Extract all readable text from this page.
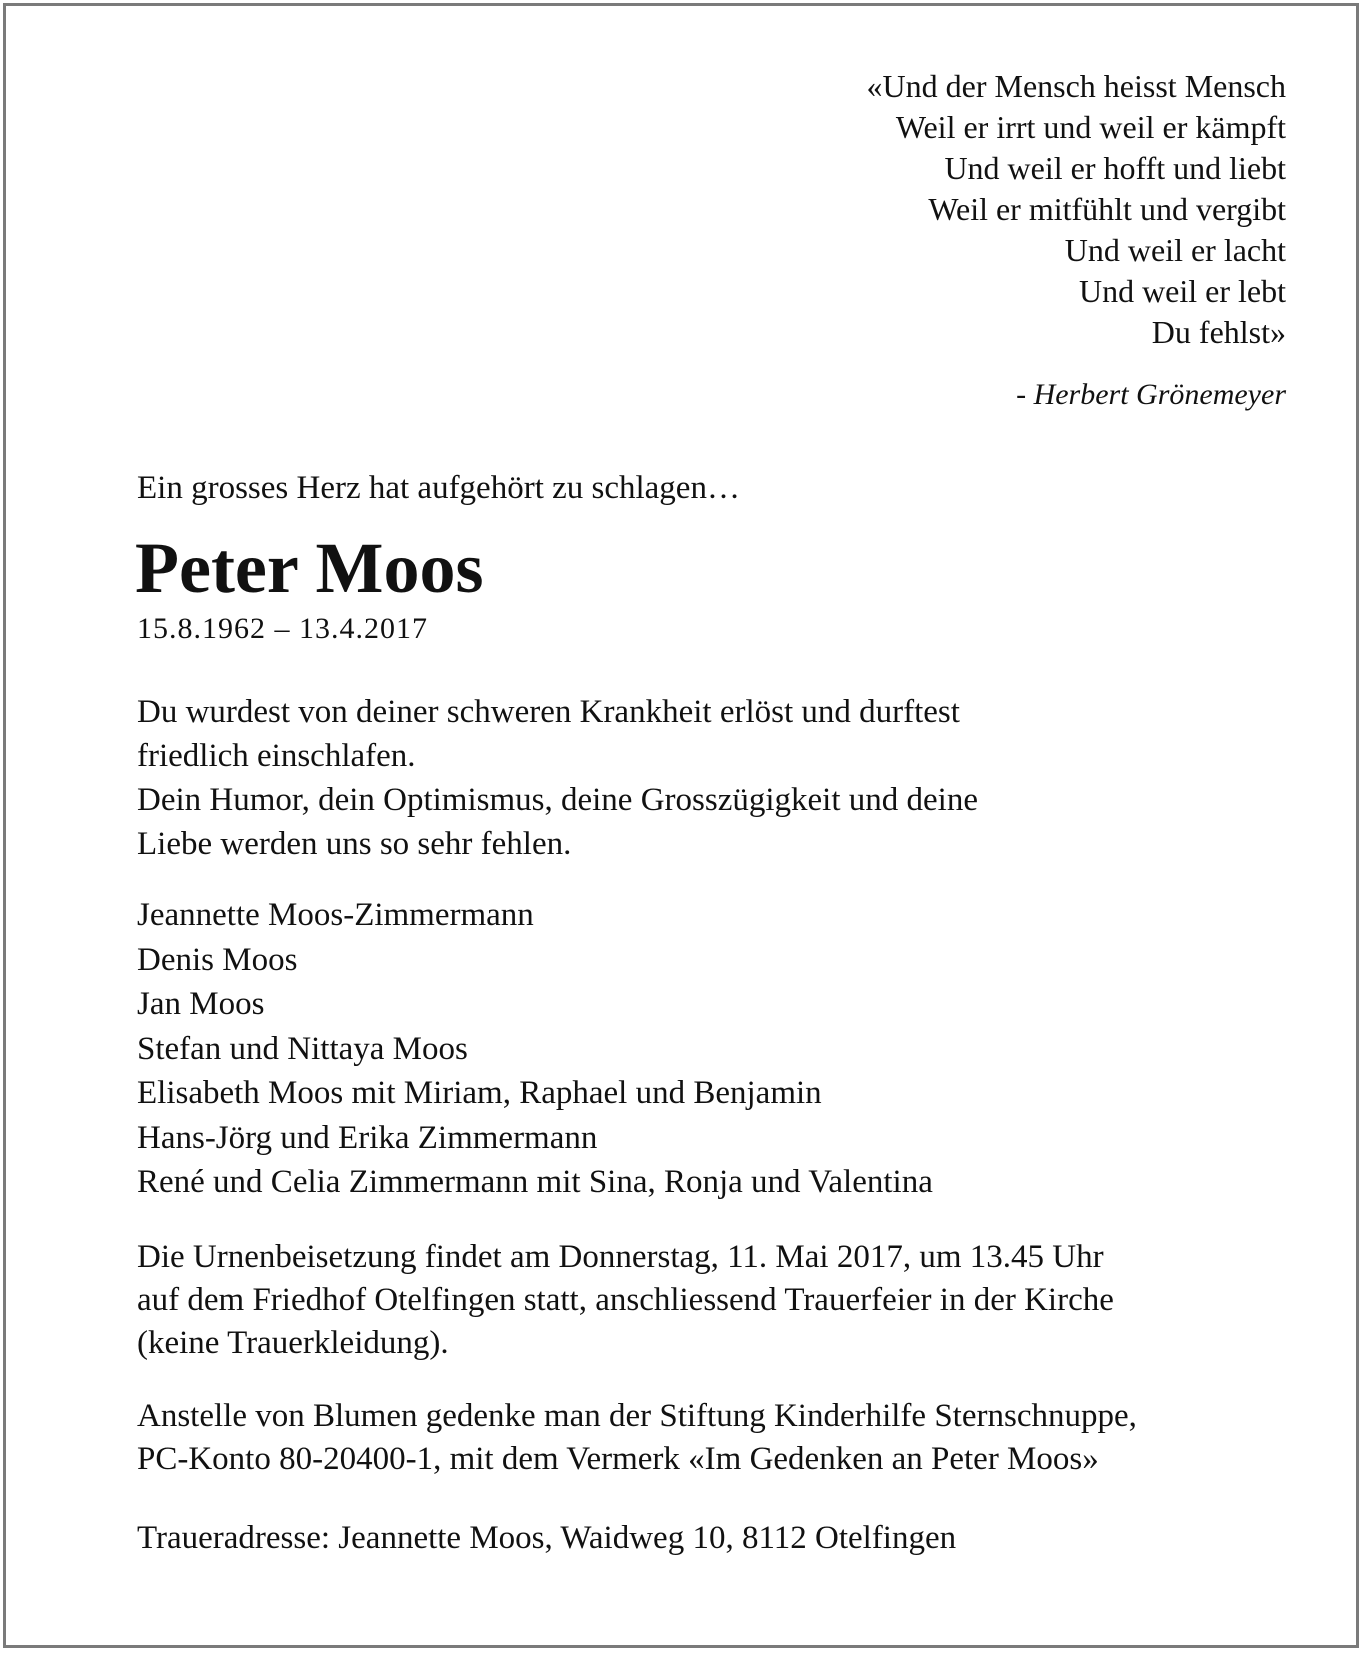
«Und der Mensch heisst Mensch
Weil er irrt und weil er kämpft
Und weil er hofft und liebt
Weil er mitfühlt und vergibt
Und weil er lacht
Und weil er lebt
Du fehlst»
- Herbert Grönemeyer
Ein grosses Herz hat aufgehört zu schlagen…
Peter Moos
15.8.1962 – 13.4.2017
Du wurdest von deiner schweren Krankheit erlöst und durftest
friedlich einschlafen.
Dein Humor, dein Optimismus, deine Grosszügigkeit und deine
Liebe werden uns so sehr fehlen.
Jeannette Moos-Zimmermann
Denis Moos
Jan Moos
Stefan und Nittaya Moos
Elisabeth Moos mit Miriam, Raphael und Benjamin
Hans-Jörg und Erika Zimmermann
René und Celia Zimmermann mit Sina, Ronja und Valentina
Die Urnenbeisetzung findet am Donnerstag, 11. Mai 2017, um 13.45 Uhr
auf dem Friedhof Otelfingen statt, anschliessend Trauerfeier in der Kirche
(keine Trauerkleidung).
Anstelle von Blumen gedenke man der Stiftung Kinderhilfe Sternschnuppe,
PC-Konto 80-20400-1, mit dem Vermerk «Im Gedenken an Peter Moos»
Traueradresse: Jeannette Moos, Waidweg 10, 8112 Otelfingen
